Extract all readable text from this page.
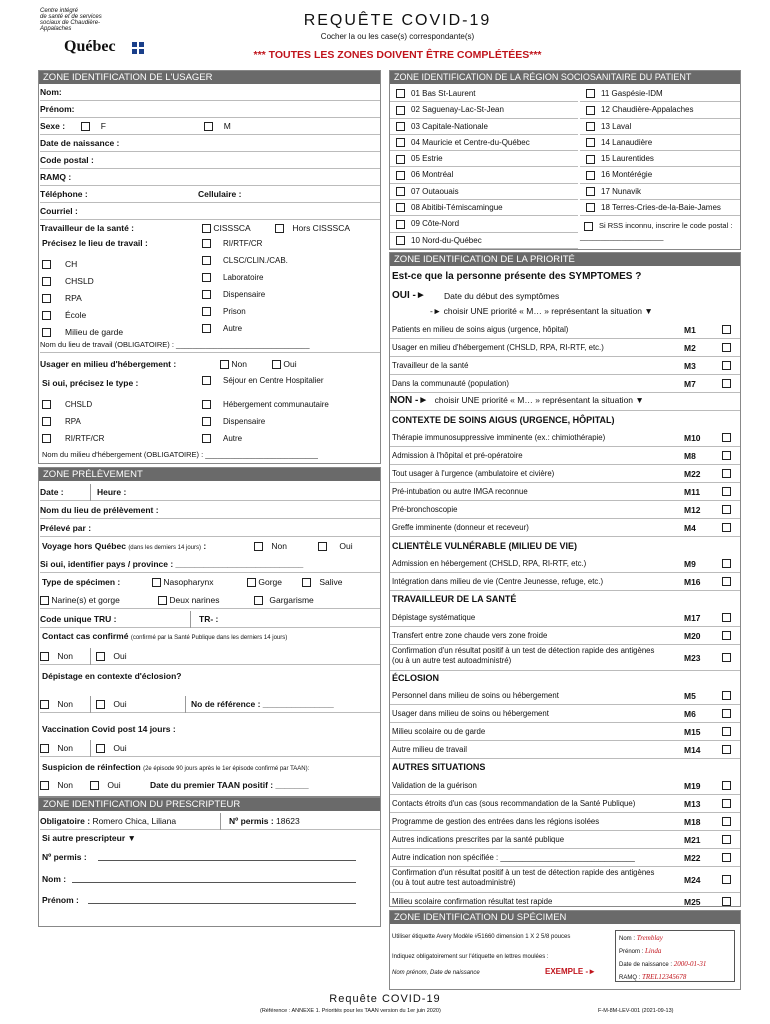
Centre intégré
de santé et de services
sociaux de Chaudière-
Appalaches
Québec
REQUÊTE COVID-19
Cocher la ou les case(s) correspondante(s)
*** TOUTES LES ZONES DOIVENT ÊTRE COMPLÉTÉES***
ZONE IDENTIFICATION DE L'USAGER
Nom:
Prénom:
Sexe :	F	M
Date de naissance :
Code postal :
RAMQ :
Téléphone :	Cellulaire :
Courriel :
Travailleur de la santé :	CISSSCA	Hors CISSSCA
Précisez le lieu de travail :
CH
CHSLD
RPA
École
Milieu de garde
RI/RTF/CR
CLSC/CLIN./CAB.
Laboratoire
Dispensaire
Prison
Autre
Nom du lieu de travail (OBLIGATOIRE) : ________________________________
Usager en milieu d'hébergement :	Non	Oui
Si oui, précisez le type :	Séjour en Centre Hospitalier
CHSLD
RPA
RI/RTF/CR
Hébergement communautaire
Dispensaire
Autre
Nom du milieu d'hébergement (OBLIGATOIRE) : ___________________________
ZONE PRÉLÈVEMENT
Date :	Heure :
Nom du lieu de prélèvement :
Prélevé par :
Voyage hors Québec (dans les derniers 14 jours) :	Non	Oui
Si oui, identifier pays / province : ___________________________
Type de spécimen :	Nasopharynx	Gorge	Salive
Narine(s) et gorge	Deux narines	Gargarisme
Code unique TRU :	TR- :
Contact cas confirmé (confirmé par la Santé Publique dans les derniers 14 jours)
Non	Oui
Dépistage en contexte d'éclosion?
Non	Oui	No de référence : _______________
Vaccination Covid post 14 jours :
Non	Oui
Suspicion de réinfection (2e épisode 90 jours après le 1er épisode confirmé par TAAN):
Non	Oui	Date du premier TAAN positif : _______
ZONE IDENTIFICATION DU PRESCRIPTEUR
Obligatoire : Romero Chica, Liliana	Nº permis : 18623
Si autre prescripteur ▼
Nº permis :
Nom :
Prénom :
ZONE IDENTIFICATION DE LA RÉGION SOCIOSANITAIRE DU PATIENT
01 Bas St-Laurent
02 Saguenay-Lac-St-Jean
03 Capitale-Nationale
04 Mauricie et Centre-du-Québec
05 Estrie
06 Montréal
07 Outaouais
08 Abitibi-Témiscamingue
09 Côte-Nord
10 Nord-du-Québec
11 Gaspésie-IDM
12 Chaudière-Appalaches
13 Laval
14 Lanaudière
15 Laurentides
16 Montérégie
17 Nunavik
18 Terres-Cries-de-la-Baie-James
Si RSS inconnu, inscrire le code postal : ____________________
ZONE IDENTIFICATION DE LA PRIORITÉ
Est-ce que la personne présente des SYMPTOMES ?
OUI -► Date du début des symptômes
-► choisir UNE priorité « M… » représentant la situation ▼
Patients en milieu de soins aigus (urgence, hôpital)	M1
Usager en milieu d'hébergement (CHSLD, RPA, RI-RTF, etc.)	M2
Travailleur de la santé	M3
Dans la communauté (population)	M7
NON -► choisir UNE priorité « M… » représentant la situation ▼
CONTEXTE DE SOINS AIGUS (URGENCE, HÔPITAL)
Thérapie immunosuppressive imminente (ex.: chimiothérapie)	M10
Admission à l'hôpital et pré-opératoire	M8
Tout usager à l'urgence (ambulatoire et civière)	M22
Pré-intubation ou autre IMGA reconnue	M11
Pré-bronchoscopie	M12
Greffe imminente (donneur et receveur)	M4
CLIENTÈLE VULNÉRABLE (MILIEU DE VIE)
Admission en hébergement (CHSLD, RPA, RI-RTF, etc.)	M9
Intégration dans milieu de vie (Centre Jeunesse, refuge, etc.)	M16
TRAVAILLEUR DE LA SANTÉ
Dépistage systématique	M17
Transfert entre zone chaude vers zone froide	M20
Confirmation d'un résultat positif à un test de détection rapide des antigènes (ou à un autre test autoadministré)	M23
ÉCLOSION
Personnel dans milieu de soins ou hébergement	M5
Usager dans milieu de soins ou hébergement	M6
Milieu scolaire ou de garde	M15
Autre milieu de travail	M14
AUTRES SITUATIONS
Validation de la guérison	M19
Contacts étroits d'un cas (sous recommandation de la Santé Publique)	M13
Programme de gestion des entrées dans les régions isolées	M18
Autres indications prescrites par la santé publique	M21
Autre indication non spécifiée : _______________________________	M22
Confirmation d'un résultat positif à un test de détection rapide des antigènes (ou à tout autre test autoadministré)	M24
Milieu scolaire confirmation résultat test rapide	M25
ZONE IDENTIFICATION DU SPÉCIMEN
Utiliser étiquette Avery Modèle #51660 dimension 1 X 2 5/8 pouces
Indiquez obligatoirement sur l'étiquette en lettres moulées :
Nom prénom, Date de naissance	EXEMPLE -►
Nom : Tremblay
Prénom : Linda
Date de naissance : 2000-01-31
RAMQ : TREL12345678
Requête COVID-19
(Référence : ANNEXE 1. Priorités pour les TAAN version du 1er juin 2020)	F-M-8M-LEV-001 (2021-09-13)
